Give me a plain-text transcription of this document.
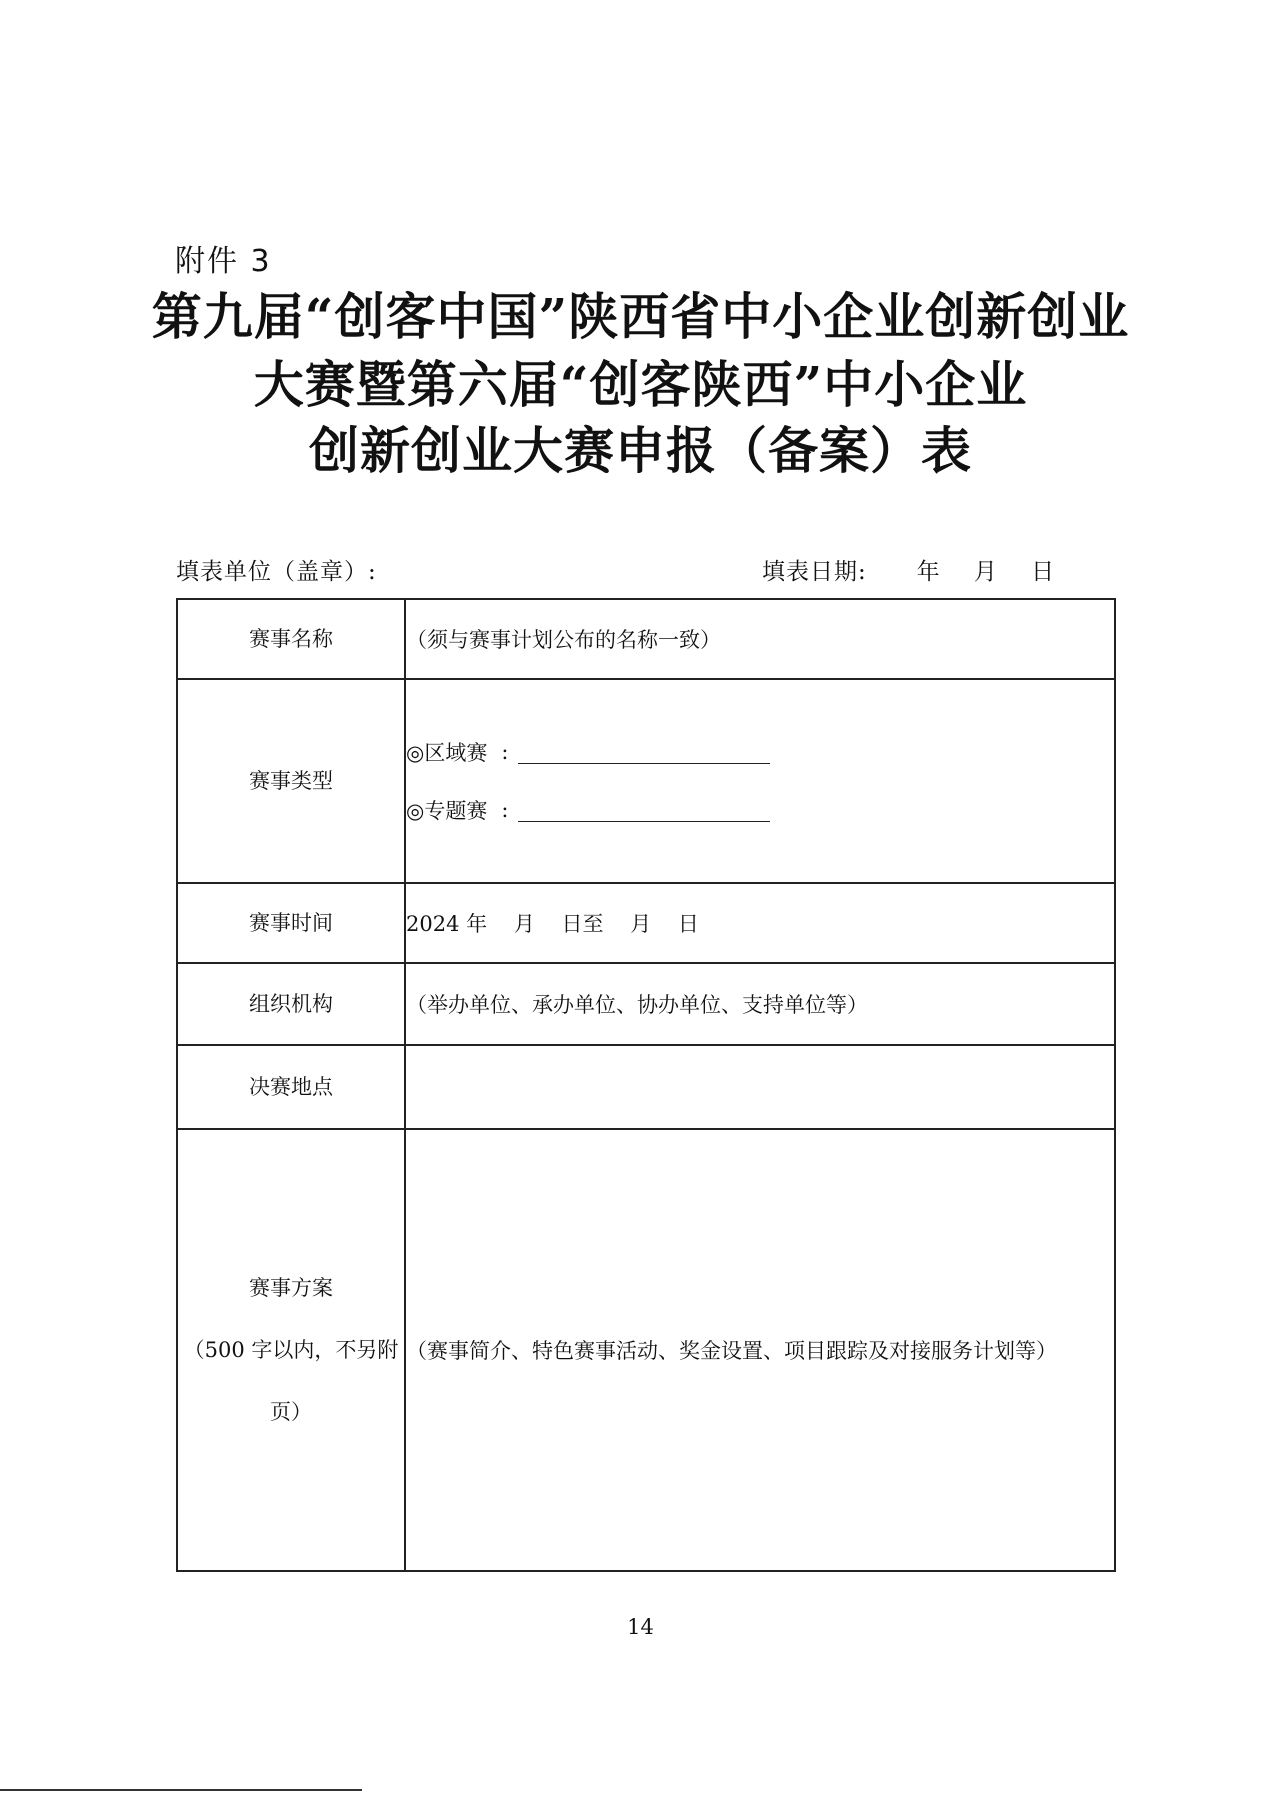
附件 3
第九届“创客中国”陕西省中小企业创新创业
大赛暨第六届“创客陕西”中小企业
创新创业大赛申报（备案）表
填表单位（盖章）:	填表日期:      年    月    日
赛事名称	（须与赛事计划公布的名称一致）
赛事类型	◎区域赛 :
◎专题赛 :

赛事时间	2024 年    月    日至    月    日
组织机构	（举办单位、承办单位、协办单位、支持单位等）
决赛地点	

赛事方案
（500 字以内，不另附
页）	（赛事简介、特色赛事活动、奖金设置、项目跟踪及对接服务计划等）
14
